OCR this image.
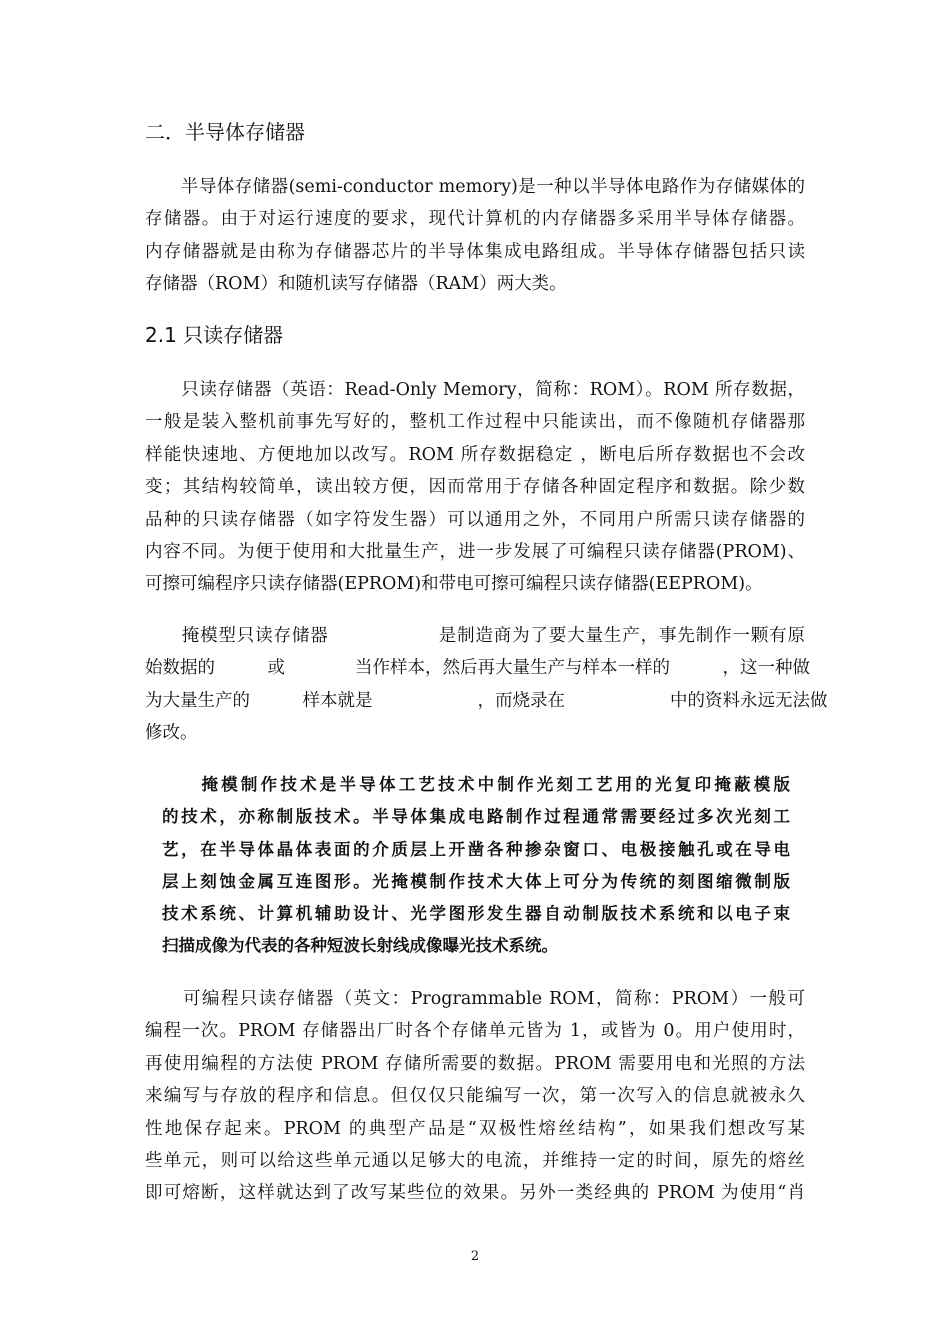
二．半导体存储器

　　半导体存储器(semi-conductor memory)是一种以半导体电路作为存储媒体的
存储器。由于对运行速度的要求，现代计算机的内存储器多采用半导体存储器。
内存储器就是由称为存储器芯片的半导体集成电路组成。半导体存储器包括只读
存储器（ROM）和随机读写存储器（RAM）两大类。

2.1 只读存储器

　　只读存储器（英语：Read-Only Memory，简称：ROM）。ROM 所存数据，
一般是装入整机前事先写好的，整机工作过程中只能读出，而不像随机存储器那
样能快速地、方便地加以改写。ROM 所存数据稳定 ，断电后所存数据也不会改
变；其结构较简单，读出较方便，因而常用于存储各种固定程序和数据。除少数
品种的只读存储器（如字符发生器）可以通用之外，不同用户所需只读存储器的
内容不同。为便于使用和大批量生产，进一步发展了可编程只读存储器(PROM)、
可擦可编程序只读存储器(EPROM)和带电可擦可编程只读存储器(EEPROM)。

　　掩模型只读存储器　　　　　　是制造商为了要大量生产，事先制作一颗有原
始数据的　　　或　　　　当作样本，然后再大量生产与样本一样的　　　，这一种做
为大量生产的　　　样本就是　　　　　　，而烧录在　　　　　　中的资料永远无法做
修改。

　　掩模制作技术是半导体工艺技术中制作光刻工艺用的光复印掩蔽模版
的技术，亦称制版技术。半导体集成电路制作过程通常需要经过多次光刻工
艺，在半导体晶体表面的介质层上开凿各种掺杂窗口、电极接触孔或在导电
层上刻蚀金属互连图形。光掩模制作技术大体上可分为传统的刻图缩微制版
技术系统、计算机辅助设计、光学图形发生器自动制版技术系统和以电子束
扫描成像为代表的各种短波长射线成像曝光技术系统。

　　可编程只读存储器（英文：Programmable ROM，简称：PROM）一般可
编程一次。PROM 存储器出厂时各个存储单元皆为 1，或皆为 0。用户使用时，
再使用编程的方法使 PROM 存储所需要的数据。PROM 需要用电和光照的方法
来编写与存放的程序和信息。但仅仅只能编写一次，第一次写入的信息就被永久
性地保存起来。PROM 的典型产品是“双极性熔丝结构”，如果我们想改写某
些单元，则可以给这些单元通以足够大的电流，并维持一定的时间，原先的熔丝
即可熔断，这样就达到了改写某些位的效果。另外一类经典的 PROM 为使用“肖

2
